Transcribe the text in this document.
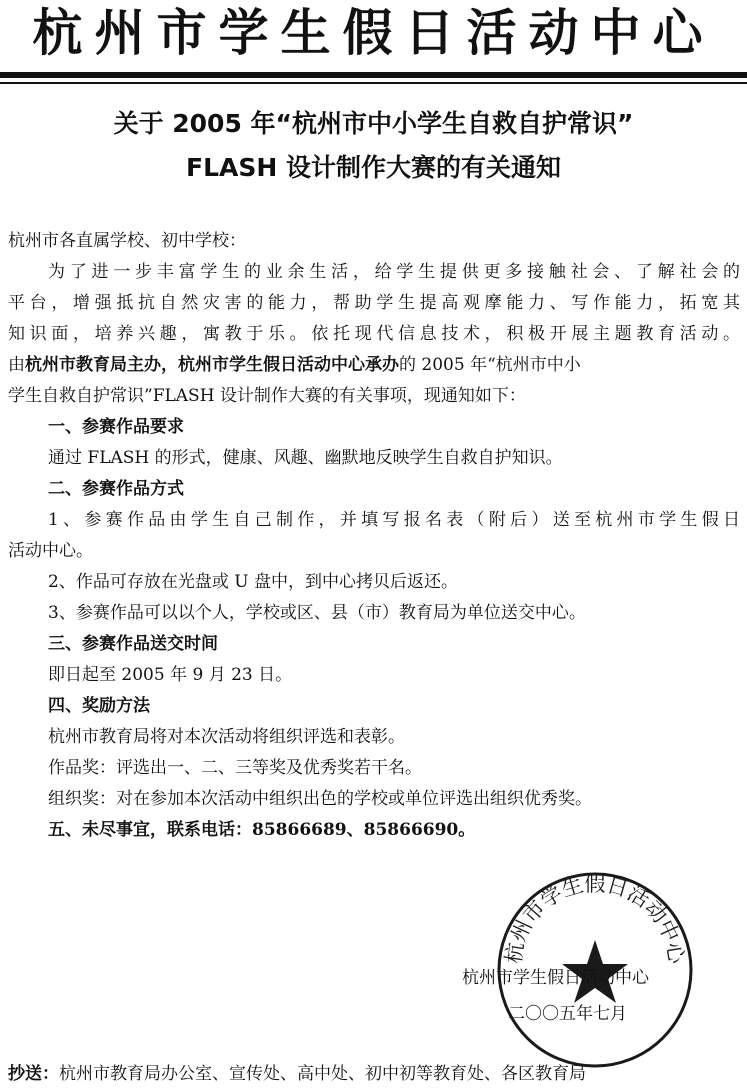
杭州市学生假日活动中心
关于 2005 年“杭州市中小学生自救自护常识”
FLASH 设计制作大赛的有关通知
杭州市各直属学校、初中学校：
为了进一步丰富学生的业余生活，给学生提供更多接触社会、了解社会的
平台，增强抵抗自然灾害的能力，帮助学生提高观摩能力、写作能力，拓宽其
知识面，培养兴趣，寓教于乐。依托现代信息技术，积极开展主题教育活动。
由杭州市教育局主办，杭州市学生假日活动中心承办的 2005 年“杭州市中小
学生自救自护常识”FLASH 设计制作大赛的有关事项，现通知如下：
一、参赛作品要求
通过 FLASH 的形式，健康、风趣、幽默地反映学生自救自护知识。
二、参赛作品方式
1、参赛作品由学生自己制作，并填写报名表（附后）送至杭州市学生假日
活动中心。
2、作品可存放在光盘或 U 盘中，到中心拷贝后返还。
3、参赛作品可以以个人，学校或区、县（市）教育局为单位送交中心。
三、参赛作品送交时间
即日起至 2005 年 9 月 23 日。
四、奖励方法
杭州市教育局将对本次活动将组织评选和表彰。
作品奖：评选出一、二、三等奖及优秀奖若干名。
组织奖：对在参加本次活动中组织出色的学校或单位评选出组织优秀奖。
五、未尽事宜，联系电话：85866689、85866690。
杭州市学生假日活动中心
杭州市学生假日活动中心
二〇〇五年七月
抄送：杭州市教育局办公室、宣传处、高中处、初中初等教育处、各区教育局
